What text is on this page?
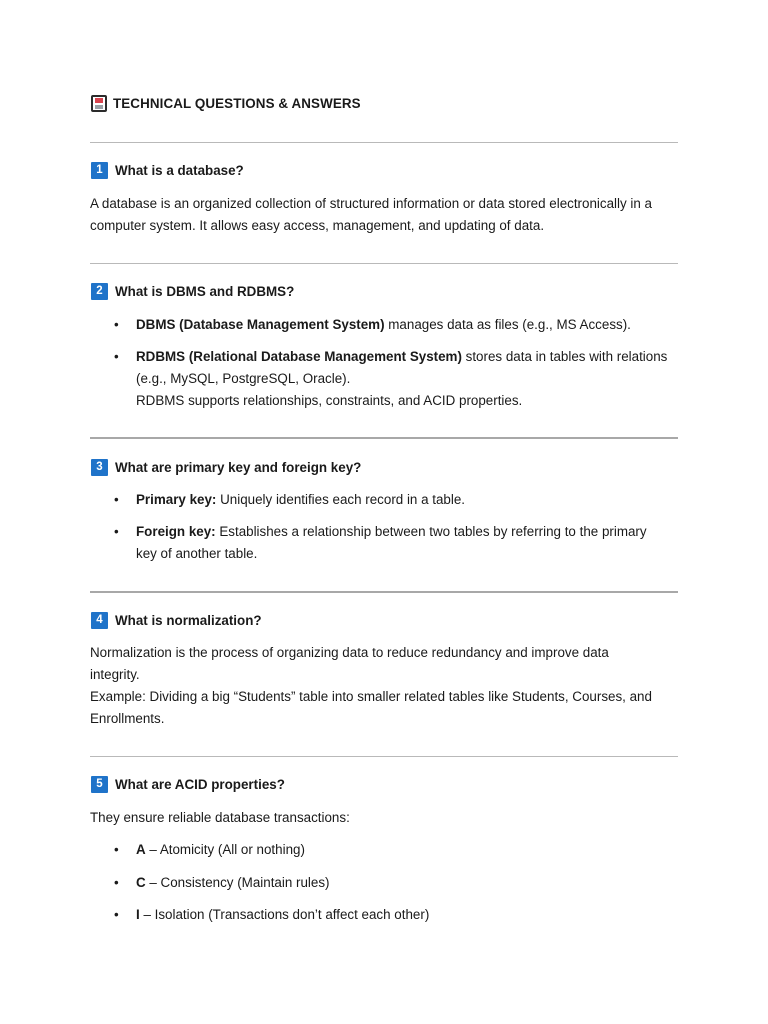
TECHNICAL QUESTIONS & ANSWERS
1 What is a database?
A database is an organized collection of structured information or data stored electronically in a
computer system. It allows easy access, management, and updating of data.
2 What is DBMS and RDBMS?
• DBMS (Database Management System) manages data as files (e.g., MS Access).
• RDBMS (Relational Database Management System) stores data in tables with relations
(e.g., MySQL, PostgreSQL, Oracle).
RDBMS supports relationships, constraints, and ACID properties.
3 What are primary key and foreign key?
• Primary key: Uniquely identifies each record in a table.
• Foreign key: Establishes a relationship between two tables by referring to the primary
key of another table.
4 What is normalization?
Normalization is the process of organizing data to reduce redundancy and improve data
integrity.
Example: Dividing a big “Students” table into smaller related tables like Students, Courses, and
Enrollments.
5 What are ACID properties?
They ensure reliable database transactions:
• A – Atomicity (All or nothing)
• C – Consistency (Maintain rules)
• I – Isolation (Transactions don’t affect each other)
